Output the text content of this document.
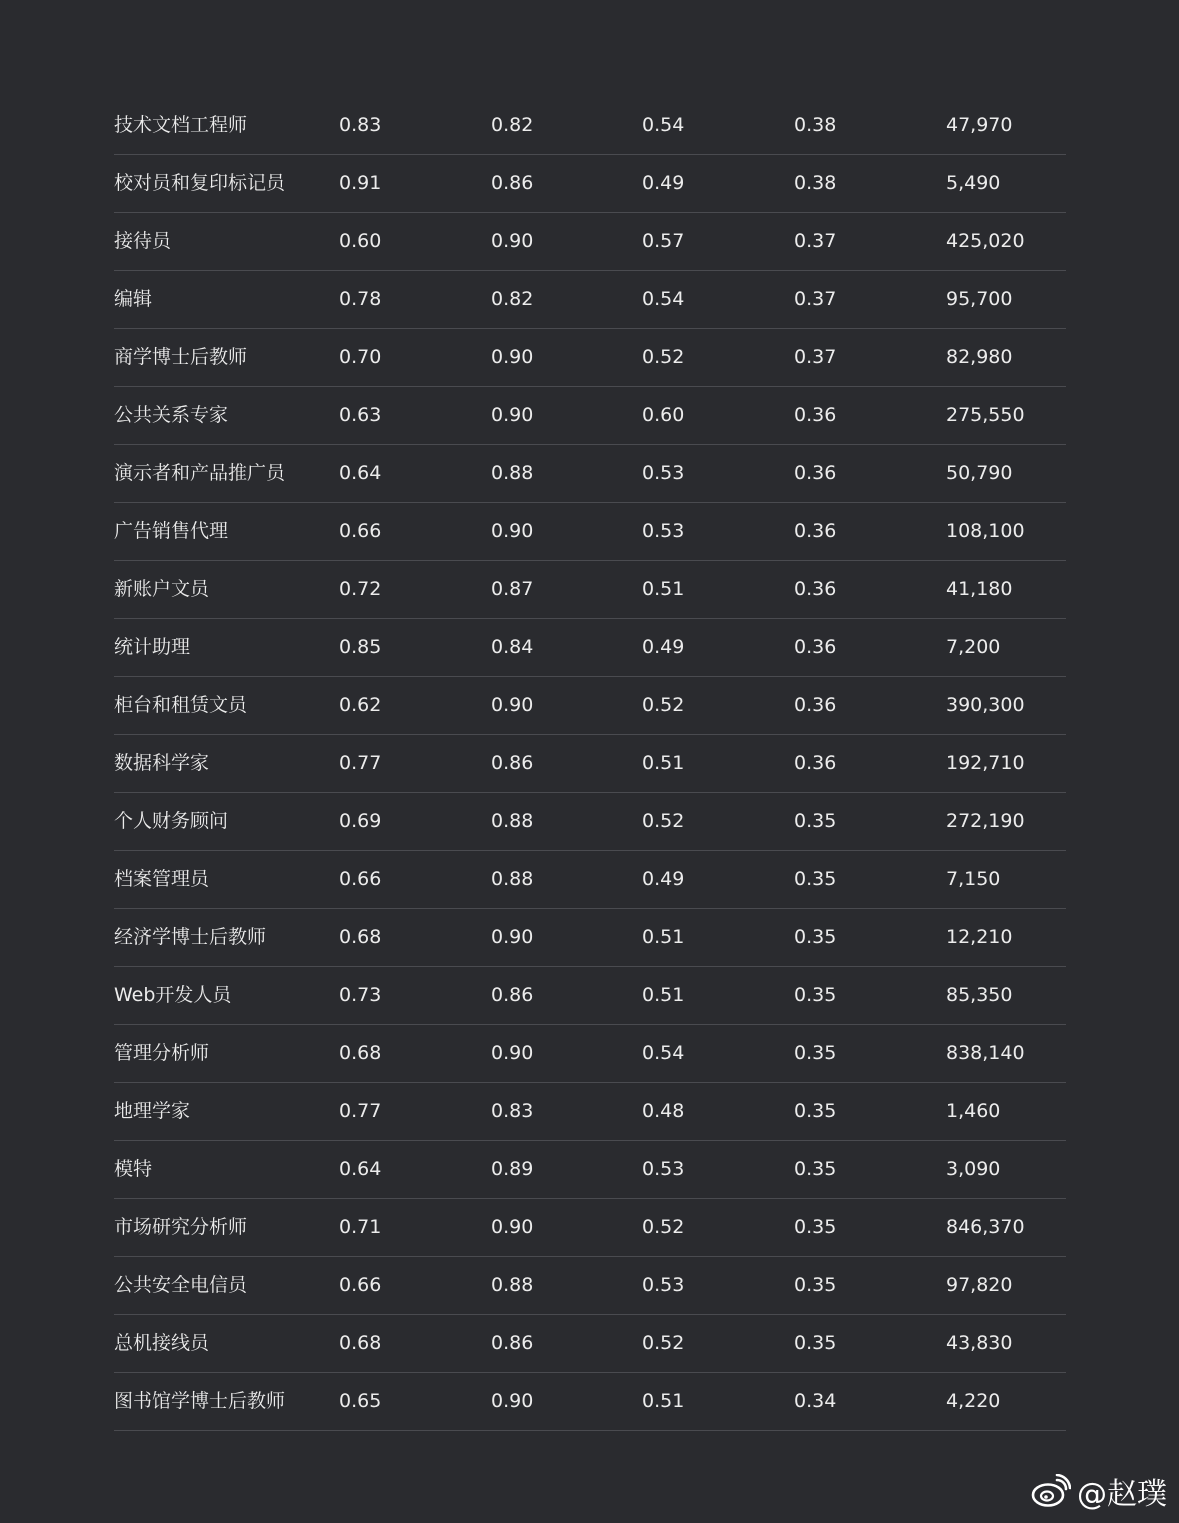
技术文档工程师	0.83	0.82	0.54	0.38	47,970
校对员和复印标记员	0.91	0.86	0.49	0.38	5,490
接待员	0.60	0.90	0.57	0.37	425,020
编辑	0.78	0.82	0.54	0.37	95,700
商学博士后教师	0.70	0.90	0.52	0.37	82,980
公共关系专家	0.63	0.90	0.60	0.36	275,550
演示者和产品推广员	0.64	0.88	0.53	0.36	50,790
广告销售代理	0.66	0.90	0.53	0.36	108,100
新账户文员	0.72	0.87	0.51	0.36	41,180
统计助理	0.85	0.84	0.49	0.36	7,200
柜台和租赁文员	0.62	0.90	0.52	0.36	390,300
数据科学家	0.77	0.86	0.51	0.36	192,710
个人财务顾问	0.69	0.88	0.52	0.35	272,190
档案管理员	0.66	0.88	0.49	0.35	7,150
经济学博士后教师	0.68	0.90	0.51	0.35	12,210
Web开发人员	0.73	0.86	0.51	0.35	85,350
管理分析师	0.68	0.90	0.54	0.35	838,140
地理学家	0.77	0.83	0.48	0.35	1,460
模特	0.64	0.89	0.53	0.35	3,090
市场研究分析师	0.71	0.90	0.52	0.35	846,370
公共安全电信员	0.66	0.88	0.53	0.35	97,820
总机接线员	0.68	0.86	0.52	0.35	43,830
图书馆学博士后教师	0.65	0.90	0.51	0.34	4,220
@赵璞
